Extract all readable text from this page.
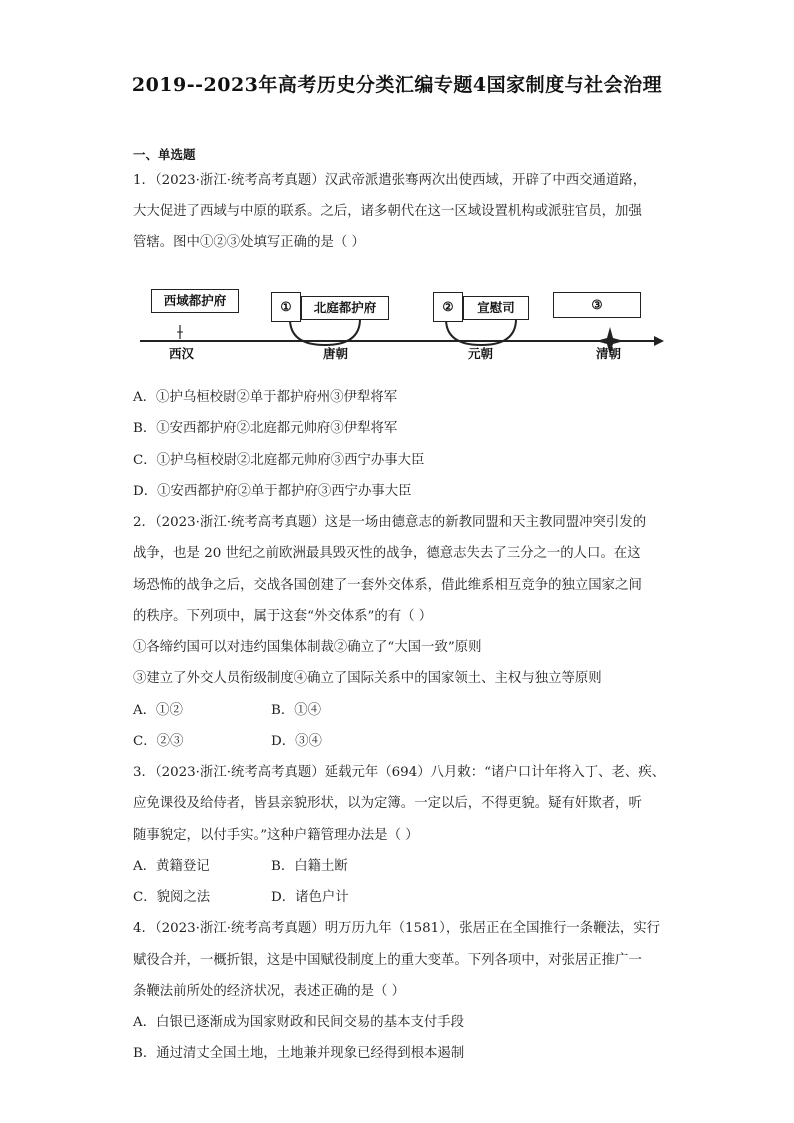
2019--2023年高考历史分类汇编专题4国家制度与社会治理
一、单选题
1．（2023·浙江·统考高考真题）汉武帝派遣张骞两次出使西域，开辟了中西交通道路，
大大促进了西域与中原的联系。之后，诸多朝代在这一区域设置机构或派驻官员，加强
管辖。图中①②③处填写正确的是（ ）
西域都护府	①	北庭都护府	②	宣慰司	③
西汉	唐朝	元朝	清朝
A．①护乌桓校尉②单于都护府州③伊犁将军
B．①安西都护府②北庭都元帅府③伊犁将军
C．①护乌桓校尉②北庭都元帅府③西宁办事大臣
D．①安西都护府②单于都护府③西宁办事大臣
2．（2023·浙江·统考高考真题）这是一场由德意志的新教同盟和天主教同盟冲突引发的
战争，也是 20 世纪之前欧洲最具毁灭性的战争，德意志失去了三分之一的人口。在这
场恐怖的战争之后，交战各国创建了一套外交体系，借此维系相互竞争的独立国家之间
的秩序。下列项中，属于这套“外交体系”的有（ ）
①各缔约国可以对违约国集体制裁②确立了“大国一致”原则
③建立了外交人员衔级制度④确立了国际关系中的国家领土、主权与独立等原则
A．①②	B．①④
C．②③	D．③④
3．（2023·浙江·统考高考真题）延载元年（694）八月敕：“诸户口计年将入丁、老、疾、
应免课役及给侍者，皆县亲貌形状，以为定簿。一定以后，不得更貌。疑有奸欺者，听
随事貌定，以付手实。”这种户籍管理办法是（ ）
A．黄籍登记	B．白籍土断
C．貌阅之法	D．诸色户计
4．（2023·浙江·统考高考真题）明万历九年（1581），张居正在全国推行一条鞭法，实行
赋役合并，一概折银，这是中国赋役制度上的重大变革。下列各项中，对张居正推广一
条鞭法前所处的经济状况，表述正确的是（ ）
A．白银已逐渐成为国家财政和民间交易的基本支付手段
B．通过清丈全国土地，土地兼并现象已经得到根本遏制
